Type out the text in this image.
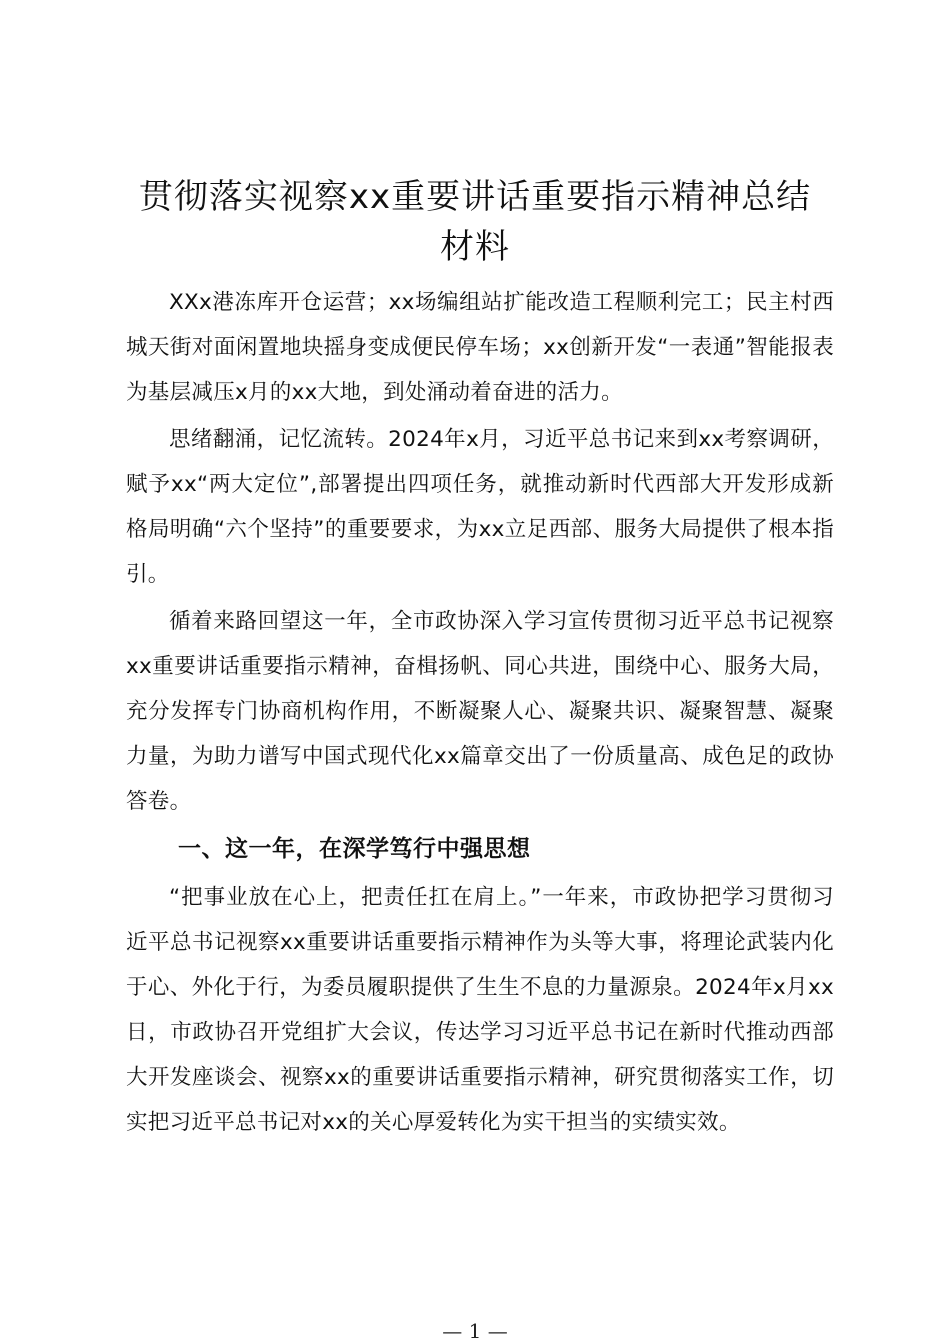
贯彻落实视察xx重要讲话重要指示精神总结
材料

XXx港冻库开仓运营；xx场编组站扩能改造工程顺利完工；民主村西城天街对面闲置地块摇身变成便民停车场；xx创新开发“一表通”智能报表为基层减压x月的xx大地，到处涌动着奋进的活力。

思绪翻涌，记忆流转。2024年x月，习近平总书记来到xx考察调研，赋予xx“两大定位”,部署提出四项任务，就推动新时代西部大开发形成新格局明确“六个坚持”的重要要求，为xx立足西部、服务大局提供了根本指引。

循着来路回望这一年，全市政协深入学习宣传贯彻习近平总书记视察xx重要讲话重要指示精神，奋楫扬帆、同心共进，围绕中心、服务大局，充分发挥专门协商机构作用，不断凝聚人心、凝聚共识、凝聚智慧、凝聚力量，为助力谱写中国式现代化xx篇章交出了一份质量高、成色足的政协答卷。

一、这一年，在深学笃行中强思想

“把事业放在心上，把责任扛在肩上。”一年来，市政协把学习贯彻习近平总书记视察xx重要讲话重要指示精神作为头等大事，将理论武装内化于心、外化于行，为委员履职提供了生生不息的力量源泉。2024年x月xx日，市政协召开党组扩大会议，传达学习习近平总书记在新时代推动西部大开发座谈会、视察xx的重要讲话重要指示精神，研究贯彻落实工作，切实把习近平总书记对xx的关心厚爱转化为实干担当的实绩实效。

— 1 —
